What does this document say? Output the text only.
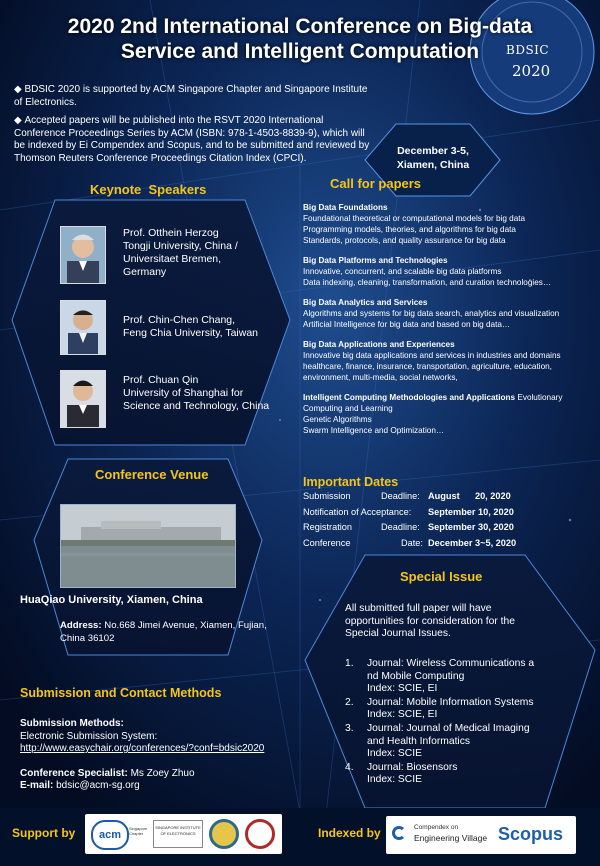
2020 2nd International Conference on Big-data
Service and Intelligent Computation	BDSIC
2020
◆ BDSIC 2020 is supported by ACM Singapore Chapter and Singapore Institute of Electronics.
◆ Accepted papers will be published into the RSVT 2020 International Conference Proceedings Series by ACM (ISBN: 978-1-4503-8839-9), which will be indexed by Ei Compendex and Scopus, and to be submitted and reviewed by Thomson Reuters Conference Proceedings Citation Index (CPCI).
December 3-5,
Xiamen, China
Keynote  Speakers
Prof. Otthein Herzog
Tongji University, China / Universitaet Bremen, Germany
Prof. Chin-Chen Chang,
Feng Chia University, Taiwan
Prof. Chuan Qin
University of Shanghai for Science and Technology, China
Call for papers
Big Data Foundations
Foundational theoretical or computational models for big data
Programming models, theories, and algorithms for big data
Standards, protocols, and quality assurance for big data
Big Data Platforms and Technologies
Innovative, concurrent, and scalable big data platforms
Data indexing, cleaning, transformation, and curation technologies…
Big Data Analytics and Services
Algorithms and systems for big data search, analytics and visualization
Artificial Intelligence for big data and based on big data…
Big Data Applications and Experiences
Innovative big data applications and services in industries and domains
healthcare, finance, insurance, transportation, agriculture, education,
environment, multi-media, social networks,
Intelligent Computing Methodologies and Applications Evolutionary
Computing and Learning
Genetic Algorithms
Swarm Intelligence and Optimization…
Important Dates
Submission	Deadline: August      20, 2020
Notification of Acceptance: September 10, 2020
Registration	Deadline: September 30, 2020
Conference	Date: December 3~5, 2020
Conference Venue
HuaQiao University, Xiamen, China
Address: No.668 Jimei Avenue, Xiamen, Fujian, China 36102
Special Issue
All submitted full paper will have opportunities for consideration for the Special Journal Issues.
1.	Journal: Wireless Communications a
nd Mobile Computing
Index: SCIE, EI
2.	Journal: Mobile Information Systems
Index: SCIE, EI
3.	Journal: Journal of Medical Imaging
and Health Informatics
Index: SCIE
4.	Journal: Biosensors
Index: SCIE
Submission and Contact Methods
Submission Methods:
Electronic Submission System:
http://www.easychair.org/conferences/?conf=bdsic2020
Conference Specialist: Ms Zoey Zhuo
E-mail: bdsic@acm-sg.org
Support by	acm
Singapore Chapter
SINGAPORE INSTITUTE OF ELECTRONICS	Indexed by	Compendex on
Engineering Village Scopus
